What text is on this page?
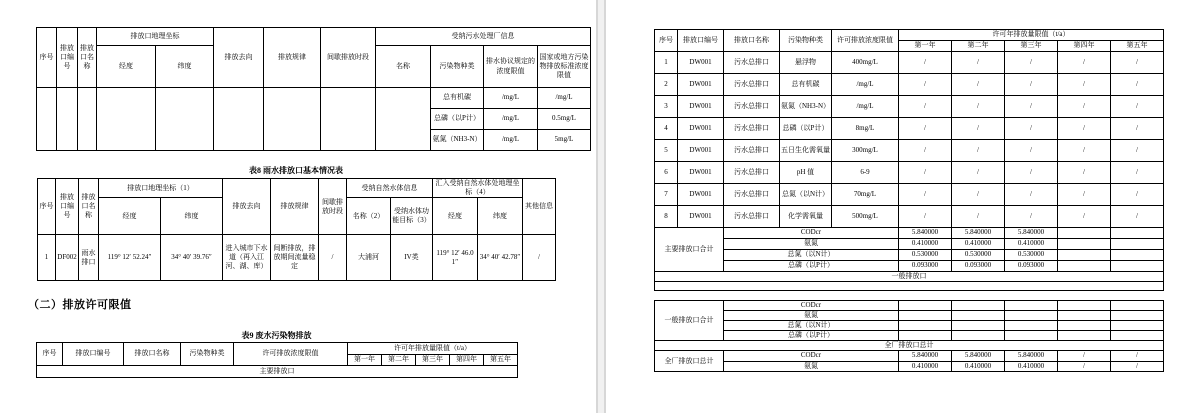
序号	排放口编号	排放口名称	排放口地理坐标		排放去向	排放规律	间歇排放时段	受纳污水处理厂信息			
			经度	纬度				名称	污染物种类	排水协议规定的浓度限值	国家或地方污染物排放标准浓度限值
									总有机碳	/mg/L	/mg/L
									总磷（以P计）	/mg/L	0.5mg/L
									氨氮（NH3-N）	/mg/L	5mg/L
表8 雨水排放口基本情况表
序号	排放口编号	排放口名称	排放口地理坐标（1）		排放去向	排放规律	间歇排放时段	受纳自然水体信息		汇入受纳自然水体处地理坐标（4）		其他信息
			经度	纬度				名称（2）	受纳水体功能目标（3）	经度	纬度	
1	DF002	雨水排口	119° 12′ 52.24″	34° 40′ 39.76″	进入城市下水道（再入江河、湖、库）	间断排放，排放期间流量稳定	/	大浦河	IV类	119° 12′ 46.01″	34° 40′ 42.78″	/
（二）排放许可限值
表9 废水污染物排放
序号	排放口编号	排放口名称	污染物种类	许可排放浓度限值	许可年排放量限值（t/a）				
					第一年	第二年	第三年	第四年	第五年
主要排放口									
序号	排放口编号	排放口名称	污染物种类	许可排放浓度限值	许可年排放量限值（t/a）				
					第一年	第二年	第三年	第四年	第五年
1	DW001	污水总排口	悬浮物	400mg/L	/	/	/	/	/
2	DW001	污水总排口	总有机碳	/mg/L	/	/	/	/	/
3	DW001	污水总排口	氨氮（NH3-N）	/mg/L	/	/	/	/	/
4	DW001	污水总排口	总磷（以P计）	8mg/L	/	/	/	/	/
5	DW001	污水总排口	五日生化需氧量	300mg/L	/	/	/	/	/
6	DW001	污水总排口	pH 值	6-9	/	/	/	/	/
7	DW001	污水总排口	总氮（以N计）	70mg/L	/	/	/	/	/
8	DW001	污水总排口	化学需氧量	500mg/L	/	/	/	/	/
主要排放口合计		CODcr			5.840000	5.840000	5.840000		
		氨氮			0.410000	0.410000	0.410000		
		总氮（以N计）			0.530000	0.530000	0.530000		
		总磷（以P计）			0.093000	0.093000	0.093000		
一般排放口									

一般排放口合计	CODcr					
	氨氮					
	总氮（以N计）					
	总磷（以P计）					
全厂排放口总计						
全厂排放口总计	CODcr	5.840000	5.840000	5.840000	/	/
	氨氮	0.410000	0.410000	0.410000	/	/
